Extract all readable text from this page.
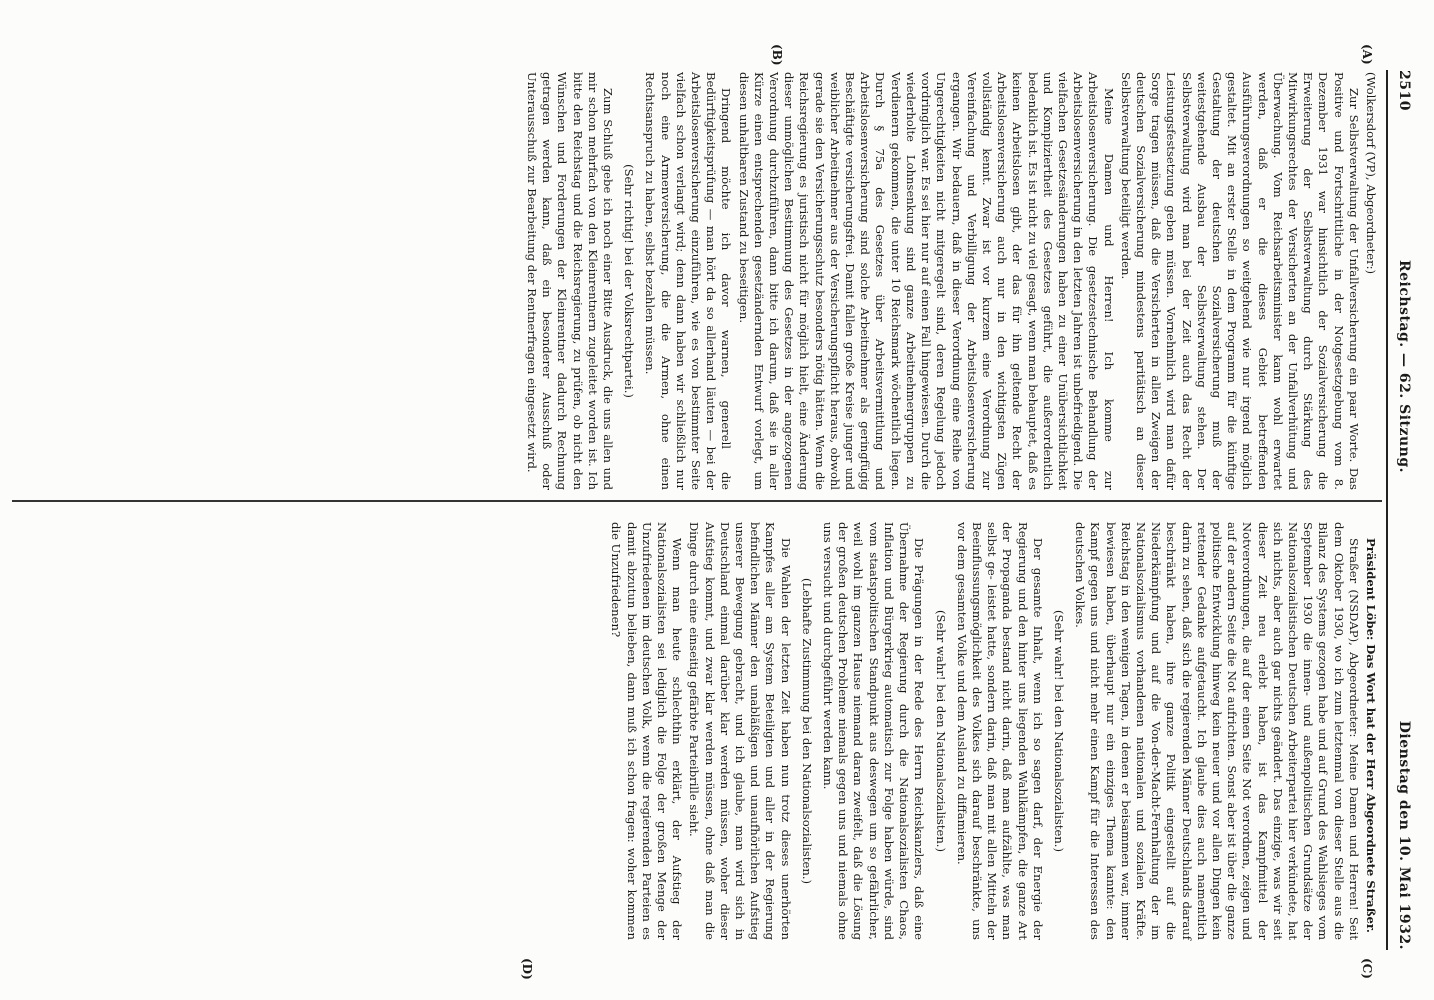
2510
Reichstag. — 62. Sitzung.
Dienstag den 10. Mai 1932.
(A)
(B)
(C)
(D)

(Wolkersdorf (VP), Abgeordneter:)

Zur Selbstverwaltung der Unfallversicherung ein paar Worte. Das Positive und Fortschrittliche in der Notgesetzgebung vom 8. Dezember 1931 war hinsichtlich der Sozialversicherung die Erweiterung der Selbstverwaltung durch Stärkung des Mitwirkungsrechtes der Versicherten an der Unfallverhütung und Überwachung. Vom Reichsarbeitsminister kann wohl erwartet werden, daß er die dieses Gebiet betreffenden Ausführungsverordnungen so weitgehend wie nur irgend möglich gestaltet. Mit an erster Stelle in dem Programm für die künftige Gestaltung der deutschen Sozialversicherung muß der weitestgehende Ausbau der Selbstverwaltung stehen. Der Selbstverwaltung wird man bei der Zeit auch das Recht der Leistungsfestsetzung geben müssen. Vornehmlich wird man dafür Sorge tragen müssen, daß die Versicherten in allen Zweigen der deutschen Sozialversicherung mindestens paritätisch an dieser Selbstverwaltung beteiligt werden.

Meine Damen und Herren! Ich komme zur Arbeitslosenversicherung. Die gesetzestechnische Behandlung der Arbeitslosenversicherung in den letzten Jahren ist unbefriedigend. Die vielfachen Gesetzesänderungen haben zu einer Unübersichtlichkeit und Kompliziertheit des Gesetzes geführt, die außerordentlich bedenklich ist. Es ist nicht zu viel gesagt, wenn man behauptet, daß es keinen Arbeitslosen gibt, der das für ihn geltende Recht der Arbeitslosenversicherung auch nur in den wichtigsten Zügen vollständig kennt. Zwar ist vor kurzem eine Verordnung zur Vereinfachung und Verbilligung der Arbeitslosenversicherung ergangen. Wir bedauern, daß in dieser Verordnung eine Reihe von Ungerechtigkeiten nicht mitgeregelt sind, deren Regelung jedoch vordringlich war. Es sei hier nur auf einen Fall hingewiesen. Durch die wiederholte Lohnsenkung sind ganze Arbeitnehmergruppen zu Verdienern gekommen, die unter 10 Reichsmark wöchentlich liegen. Durch § 75a des Gesetzes über Arbeitsvermittlung und Arbeitslosenversicherung sind solche Arbeitnehmer als geringfügig Beschäftigte versicherungsfrei. Damit fallen große Kreise junger und weiblicher Arbeitnehmer aus der Versicherungspflicht heraus, obwohl gerade sie den Versicherungsschutz besonders nötig hätten. Wenn die Reichsregierung es juristisch nicht für möglich hielt, eine Änderung dieser unmöglichen Bestimmung des Gesetzes in der angezogenen Verordnung durchzuführen, dann bitte ich darum, daß sie in aller Kürze einen entsprechenden gesetzändernden Entwurf vorlegt, um diesen unhaltbaren Zustand zu beseitigen.

Dringend möchte ich davor warnen, generell die Bedürftigkeitsprüfung — man hört da so allerhand läuten — bei der Arbeitslosenversicherung einzuführen, wie es von bestimmter Seite vielfach schon verlangt wird; denn dann haben wir schließlich nur noch eine Armenversicherung, die die Armen, ohne einen Rechtsanspruch zu haben, selbst bezahlen müssen.

(Sehr richtig! bei der Volksrechtpartei.)

Zum Schluß gebe ich noch einer Bitte Ausdruck, die uns allen und mir schon mehrfach von den Kleinrentnern zugeleitet worden ist. Ich bitte den Reichstag und die Reichsregierung, zu prüfen, ob nicht den Wünschen und Forderungen der Kleinrentner dadurch Rechnung getragen werden kann, daß ein besonderer Ausschuß oder Unterausschuß zur Bearbeitung der Rentnerfragen eingesetzt wird.

Präsident Löbe: Das Wort hat der Herr Abgeordnete Straßer.

Straßer (NSDAP), Abgeordneter: Meine Damen und Herren! Seit dem Oktober 1930, wo ich zum letztenmal von dieser Stelle aus die Bilanz des Systems gezogen habe und auf Grund des Wahlsieges vom September 1930 die innen- und außenpolitischen Grundsätze der Nationalsozialistischen Deutschen Arbeiterpartei hier verkündete, hat sich nichts, aber auch gar nichts geändert. Das einzige, was wir seit dieser Zeit neu erlebt haben, ist das Kampfmittel der Notverordnungen, die auf der einen Seite Not verordnen, zeigen und auf der andern Seite die Not aufrichten. Sonst aber ist über die ganze politische Entwicklung hinweg kein neuer und vor allen Dingen kein rettender Gedanke aufgetaucht. Ich glaube dies auch namentlich darin zu sehen, daß sich die regierenden Männer Deutschlands darauf beschränkt haben, ihre ganze Politik eingestellt auf die Niederkämpfung und auf die Von-der-Macht-Fernhaltung der im Nationalsozialismus vorhandenen nationalen und sozialen Kräfte. Reichstag in den wenigen Tagen, in denen er beisammen war, immer bewiesen haben, überhaupt nur ein einziges Thema kannte: den Kampf gegen uns und nicht mehr einen Kampf für die Interessen des deutschen Volkes.

(Sehr wahr! bei den Nationalsozialisten.)

Der gesamte Inhalt, wenn ich so sagen darf, der Energie der Regierung und den hinter uns liegenden Wahlkämpfen, die ganze Art der Propaganda bestand nicht darin, daß man aufzählte, was man selbst ge- leistet hatte, sondern darin, daß man mit allen Mitteln der Beeinflussungsmöglichkeit des Volkes sich darauf beschränkte, uns vor dem gesamten Volke und dem Ausland zu diffamieren.

(Sehr wahr! bei den Nationalsozialisten.)

Die Prägungen in der Rede des Herrn Reichskanzlers, daß eine Übernahme der Regierung durch die Nationalsozialisten Chaos, Inflation und Bürgerkrieg automatisch zur Folge haben würde, sind vom staatspolitischen Standpunkt aus deswegen um so gefährlicher, weil wohl im ganzen Hause niemand daran zweifelt, daß die Lösung der großen deutschen Probleme niemals gegen uns und niemals ohne uns versucht und durchgeführt werden kann.

(Lebhafte Zustimmung bei den Nationalsozialisten.)

Die Wahlen der letzten Zeit haben nun trotz dieses unerhörten Kampfes aller am System Beteiligten und aller in der Regierung befindlichen Männer den unabläßigen und unaufhörlichen Aufstieg unserer Bewegung gebracht, und ich glaube, man wird sich in Deutschland einmal darüber klar werden müssen, woher dieser Aufstieg kommt, und zwar klar werden müssen, ohne daß man die Dinge durch eine einseitig gefärbte Parteibrille sieht.

Wenn man heute schlechthin erklärt, der Aufstieg der Nationalsozialisten sei lediglich die Folge der großen Menge der Unzufriedenen im deutschen Volk, wenn die regierenden Parteien es damit abzutun belieben, dann muß ich schon fragen: woher kommen die Unzufriedenen?
